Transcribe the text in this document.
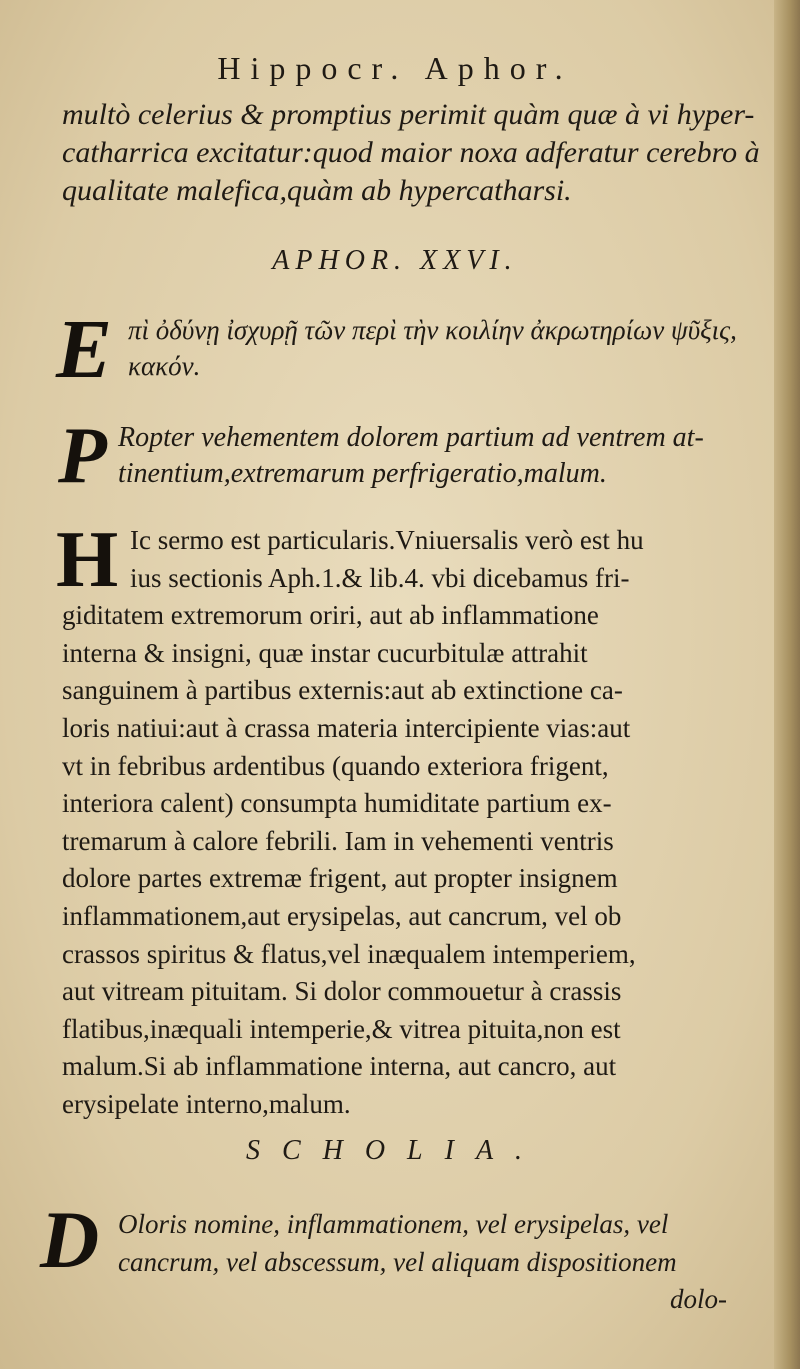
Hippocr. Aphor.
multò celerius & promptius perimit quàm quæ à vi hyper-
catharrica excitatur:quod maior noxa adferatur cerebro à
qualitate malefica,quàm ab hypercatharsi.
APHOR. XXVI.
E πὶ ὀδύνῃ ἰσχυρῇ τῶν περὶ τὴν κοιλίην ἀκρωτηρίων ψῦξις,
κακόν.
P Ropter vehementem dolorem partium ad ventrem at-
tinentium,extremarum perfrigeratio,malum.
H Ic sermo est particularis.Vniuersalis verò est hu
ius sectionis Aph.1.& lib.4. vbi dicebamus fri-
giditatem extremorum oriri, aut ab inflammatione
interna & insigni, quæ instar cucurbitulæ attrahit
sanguinem à partibus externis:aut ab extinctione ca-
loris natiui:aut à crassa materia intercipiente vias:aut
vt in febribus ardentibus (quando exteriora frigent,
interiora calent) consumpta humiditate partium ex-
tremarum à calore febrili. Iam in vehementi ventris
dolore partes extremæ frigent, aut propter insignem
inflammationem,aut erysipelas, aut cancrum, vel ob
crassos spiritus & flatus,vel inæqualem intemperiem,
aut vitream pituitam. Si dolor commouetur à crassis
flatibus,inæquali intemperie,& vitrea pituita,non est
malum.Si ab inflammatione interna, aut cancro, aut
erysipelate interno,malum.
SCHOLIA.
D Oloris nomine, inflammationem, vel erysipelas, vel
cancrum, vel abscessum, vel aliquam dispositionem
dolo-
